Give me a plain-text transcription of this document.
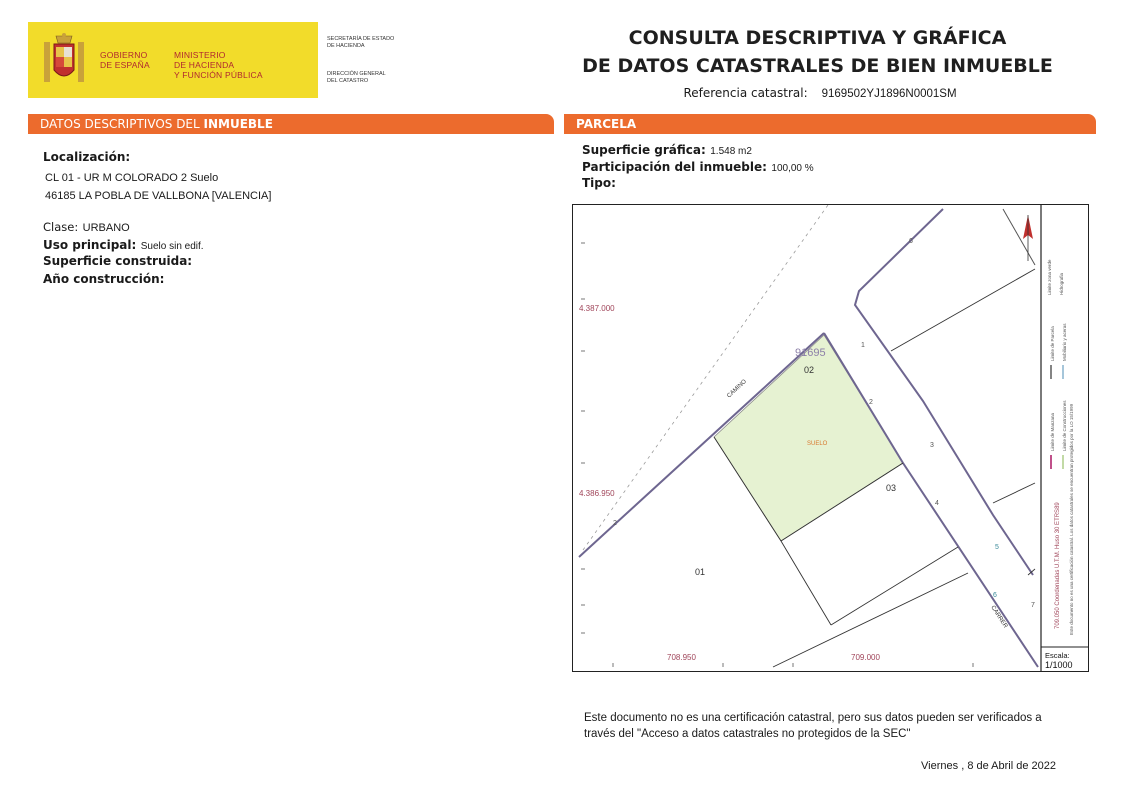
GOBIERNO
DE ESPAÑA
MINISTERIO
DE HACIENDA
Y FUNCIÓN PÚBLICA
SECRETARÍA DE ESTADO
DE HACIENDA
DIRECCIÓN GENERAL
DEL CATASTRO
CONSULTA DESCRIPTIVA Y GRÁFICA
DE DATOS CATASTRALES DE BIEN INMUEBLE
Referencia catastral: 9169502YJ1896N0001SM
DATOS DESCRIPTIVOS DEL INMUEBLE	PARCELA
Localización:
CL 01 - UR M COLORADO 2 Suelo
46185 LA POBLA DE VALLBONA [VALENCIA]
Clase: URBANO
Uso principal: Suelo sin edif.
Superficie construida:
Año construcción:
Superficie gráfica: 1.548 m2
Participación del inmueble: 100,00 %
Tipo:
4.387.000
4.386.950
708.950	709.000
91695
01
02
03
SUELO
CAMINO
CARRER
1
2
3
4
5
6
7
2
6
709.050 Coordenadas U.T.M. Huso 30 ETRS89 Este documento no es una certificación catastral. Los datos catastrales se encuentran protegidos por la LO 15/1999
Limite de Manzana
Limite de Parcela
Limite de Construcciones
Mobiliario y aceras
Limite zona verde Hidrografia
Escala:
1/1000
Este documento no es una certificación catastral, pero sus datos pueden ser verificados a través del "Acceso a datos catastrales no protegidos de la SEC"
Viernes , 8 de Abril de 2022
